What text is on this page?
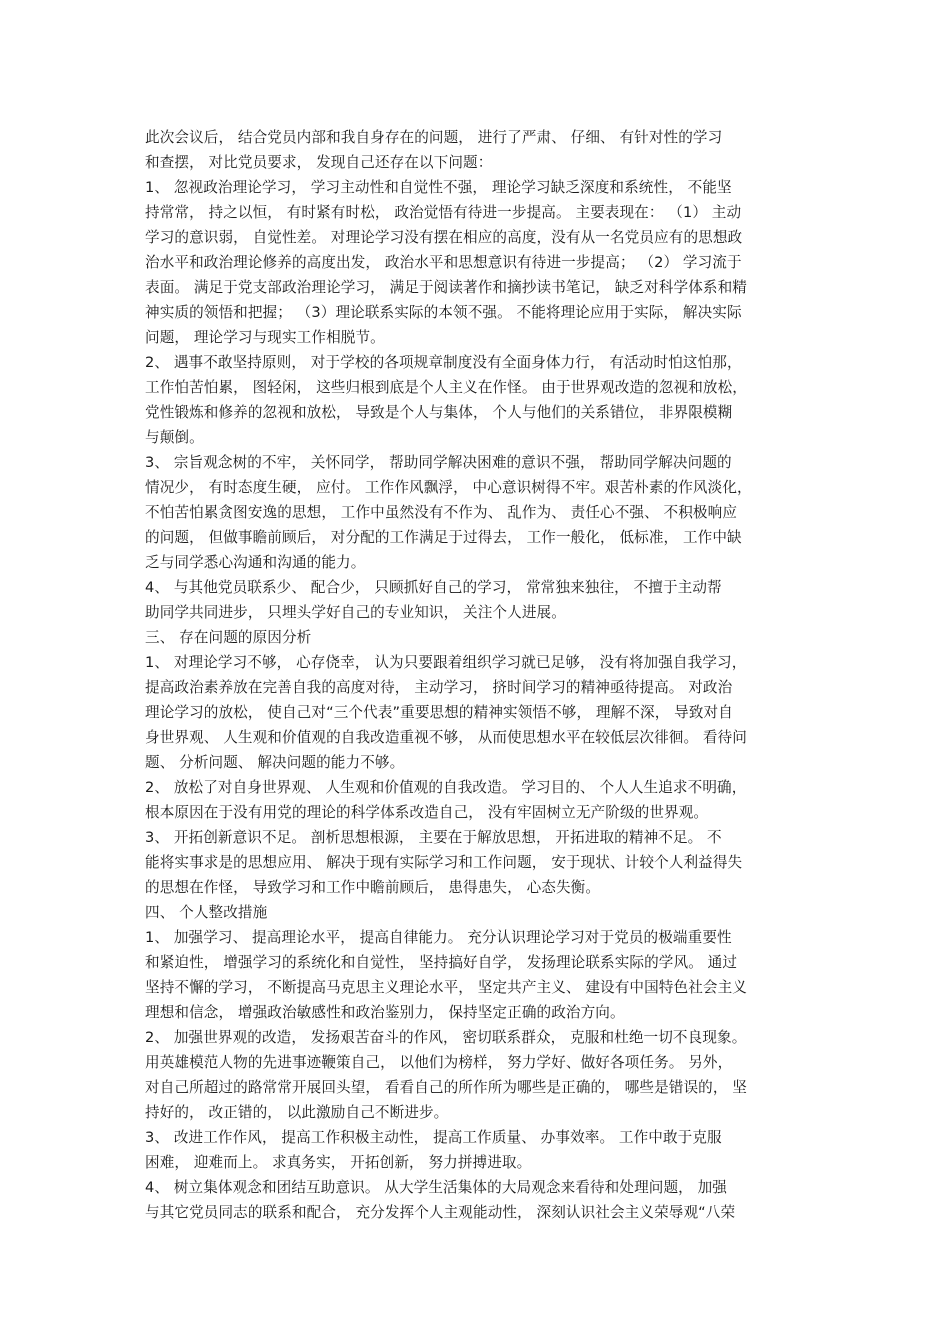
此次会议后， 结合党员内部和我自身存在的问题， 进行了严肃、 仔细、 有针对性的学习

和查摆， 对比党员要求， 发现自己还存在以下问题：

1、 忽视政治理论学习， 学习主动性和自觉性不强， 理论学习缺乏深度和系统性， 不能坚

持常常， 持之以恒， 有时紧有时松， 政治觉悟有待进一步提高。 主要表现在： （1） 主动

学习的意识弱， 自觉性差。 对理论学习没有摆在相应的高度，没有从一名党员应有的思想政

治水平和政治理论修养的高度出发， 政治水平和思想意识有待进一步提高； （2） 学习流于

表面。 满足于党支部政治理论学习， 满足于阅读著作和摘抄读书笔记， 缺乏对科学体系和精

神实质的领悟和把握； （3）理论联系实际的本领不强。 不能将理论应用于实际， 解决实际

问题， 理论学习与现实工作相脱节。

2、 遇事不敢坚持原则， 对于学校的各项规章制度没有全面身体力行， 有活动时怕这怕那，

工作怕苦怕累， 图轻闲， 这些归根到底是个人主义在作怪。 由于世界观改造的忽视和放松，

党性锻炼和修养的忽视和放松， 导致是个人与集体， 个人与他们的关系错位， 非界限模糊

与颠倒。

3、 宗旨观念树的不牢， 关怀同学， 帮助同学解决困难的意识不强， 帮助同学解决问题的

情况少， 有时态度生硬， 应付。 工作作风飘浮， 中心意识树得不牢。艰苦朴素的作风淡化，

不怕苦怕累贪图安逸的思想， 工作中虽然没有不作为、 乱作为、 责任心不强、 不积极响应

的问题， 但做事瞻前顾后， 对分配的工作满足于过得去， 工作一般化， 低标准， 工作中缺

乏与同学悉心沟通和沟通的能力。

4、 与其他党员联系少、 配合少， 只顾抓好自己的学习， 常常独来独往， 不擅于主动帮

助同学共同进步， 只埋头学好自己的专业知识， 关注个人进展。

三、 存在问题的原因分析

1、 对理论学习不够， 心存侥幸， 认为只要跟着组织学习就已足够， 没有将加强自我学习，

提高政治素养放在完善自我的高度对待， 主动学习， 挤时间学习的精神亟待提高。 对政治

理论学习的放松， 使自己对“三个代表”重要思想的精神实领悟不够， 理解不深， 导致对自

身世界观、 人生观和价值观的自我改造重视不够， 从而使思想水平在较低层次徘徊。 看待问

题、 分析问题、 解决问题的能力不够。

2、 放松了对自身世界观、 人生观和价值观的自我改造。 学习目的、 个人人生追求不明确，

根本原因在于没有用党的理论的科学体系改造自己， 没有牢固树立无产阶级的世界观。

3、 开拓创新意识不足。 剖析思想根源， 主要在于解放思想， 开拓进取的精神不足。 不

能将实事求是的思想应用、 解决于现有实际学习和工作问题， 安于现状、计较个人利益得失

的思想在作怪， 导致学习和工作中瞻前顾后， 患得患失， 心态失衡。

四、 个人整改措施

1、 加强学习、 提高理论水平， 提高自律能力。 充分认识理论学习对于党员的极端重要性

和紧迫性， 增强学习的系统化和自觉性， 坚持搞好自学， 发扬理论联系实际的学风。 通过

坚持不懈的学习， 不断提高马克思主义理论水平， 坚定共产主义、 建设有中国特色社会主义

理想和信念， 增强政治敏感性和政治鉴别力， 保持坚定正确的政治方向。

2、 加强世界观的改造， 发扬艰苦奋斗的作风， 密切联系群众， 克服和杜绝一切不良现象。

用英雄模范人物的先进事迹鞭策自己， 以他们为榜样， 努力学好、做好各项任务。 另外，

对自己所超过的路常常开展回头望， 看看自己的所作所为哪些是正确的， 哪些是错误的， 坚

持好的， 改正错的， 以此激励自己不断进步。

3、 改进工作作风， 提高工作积极主动性， 提高工作质量、 办事效率。 工作中敢于克服

困难， 迎难而上。 求真务实， 开拓创新， 努力拼搏进取。

4、 树立集体观念和团结互助意识。 从大学生活集体的大局观念来看待和处理问题， 加强

与其它党员同志的联系和配合， 充分发挥个人主观能动性， 深刻认识社会主义荣辱观“八荣
